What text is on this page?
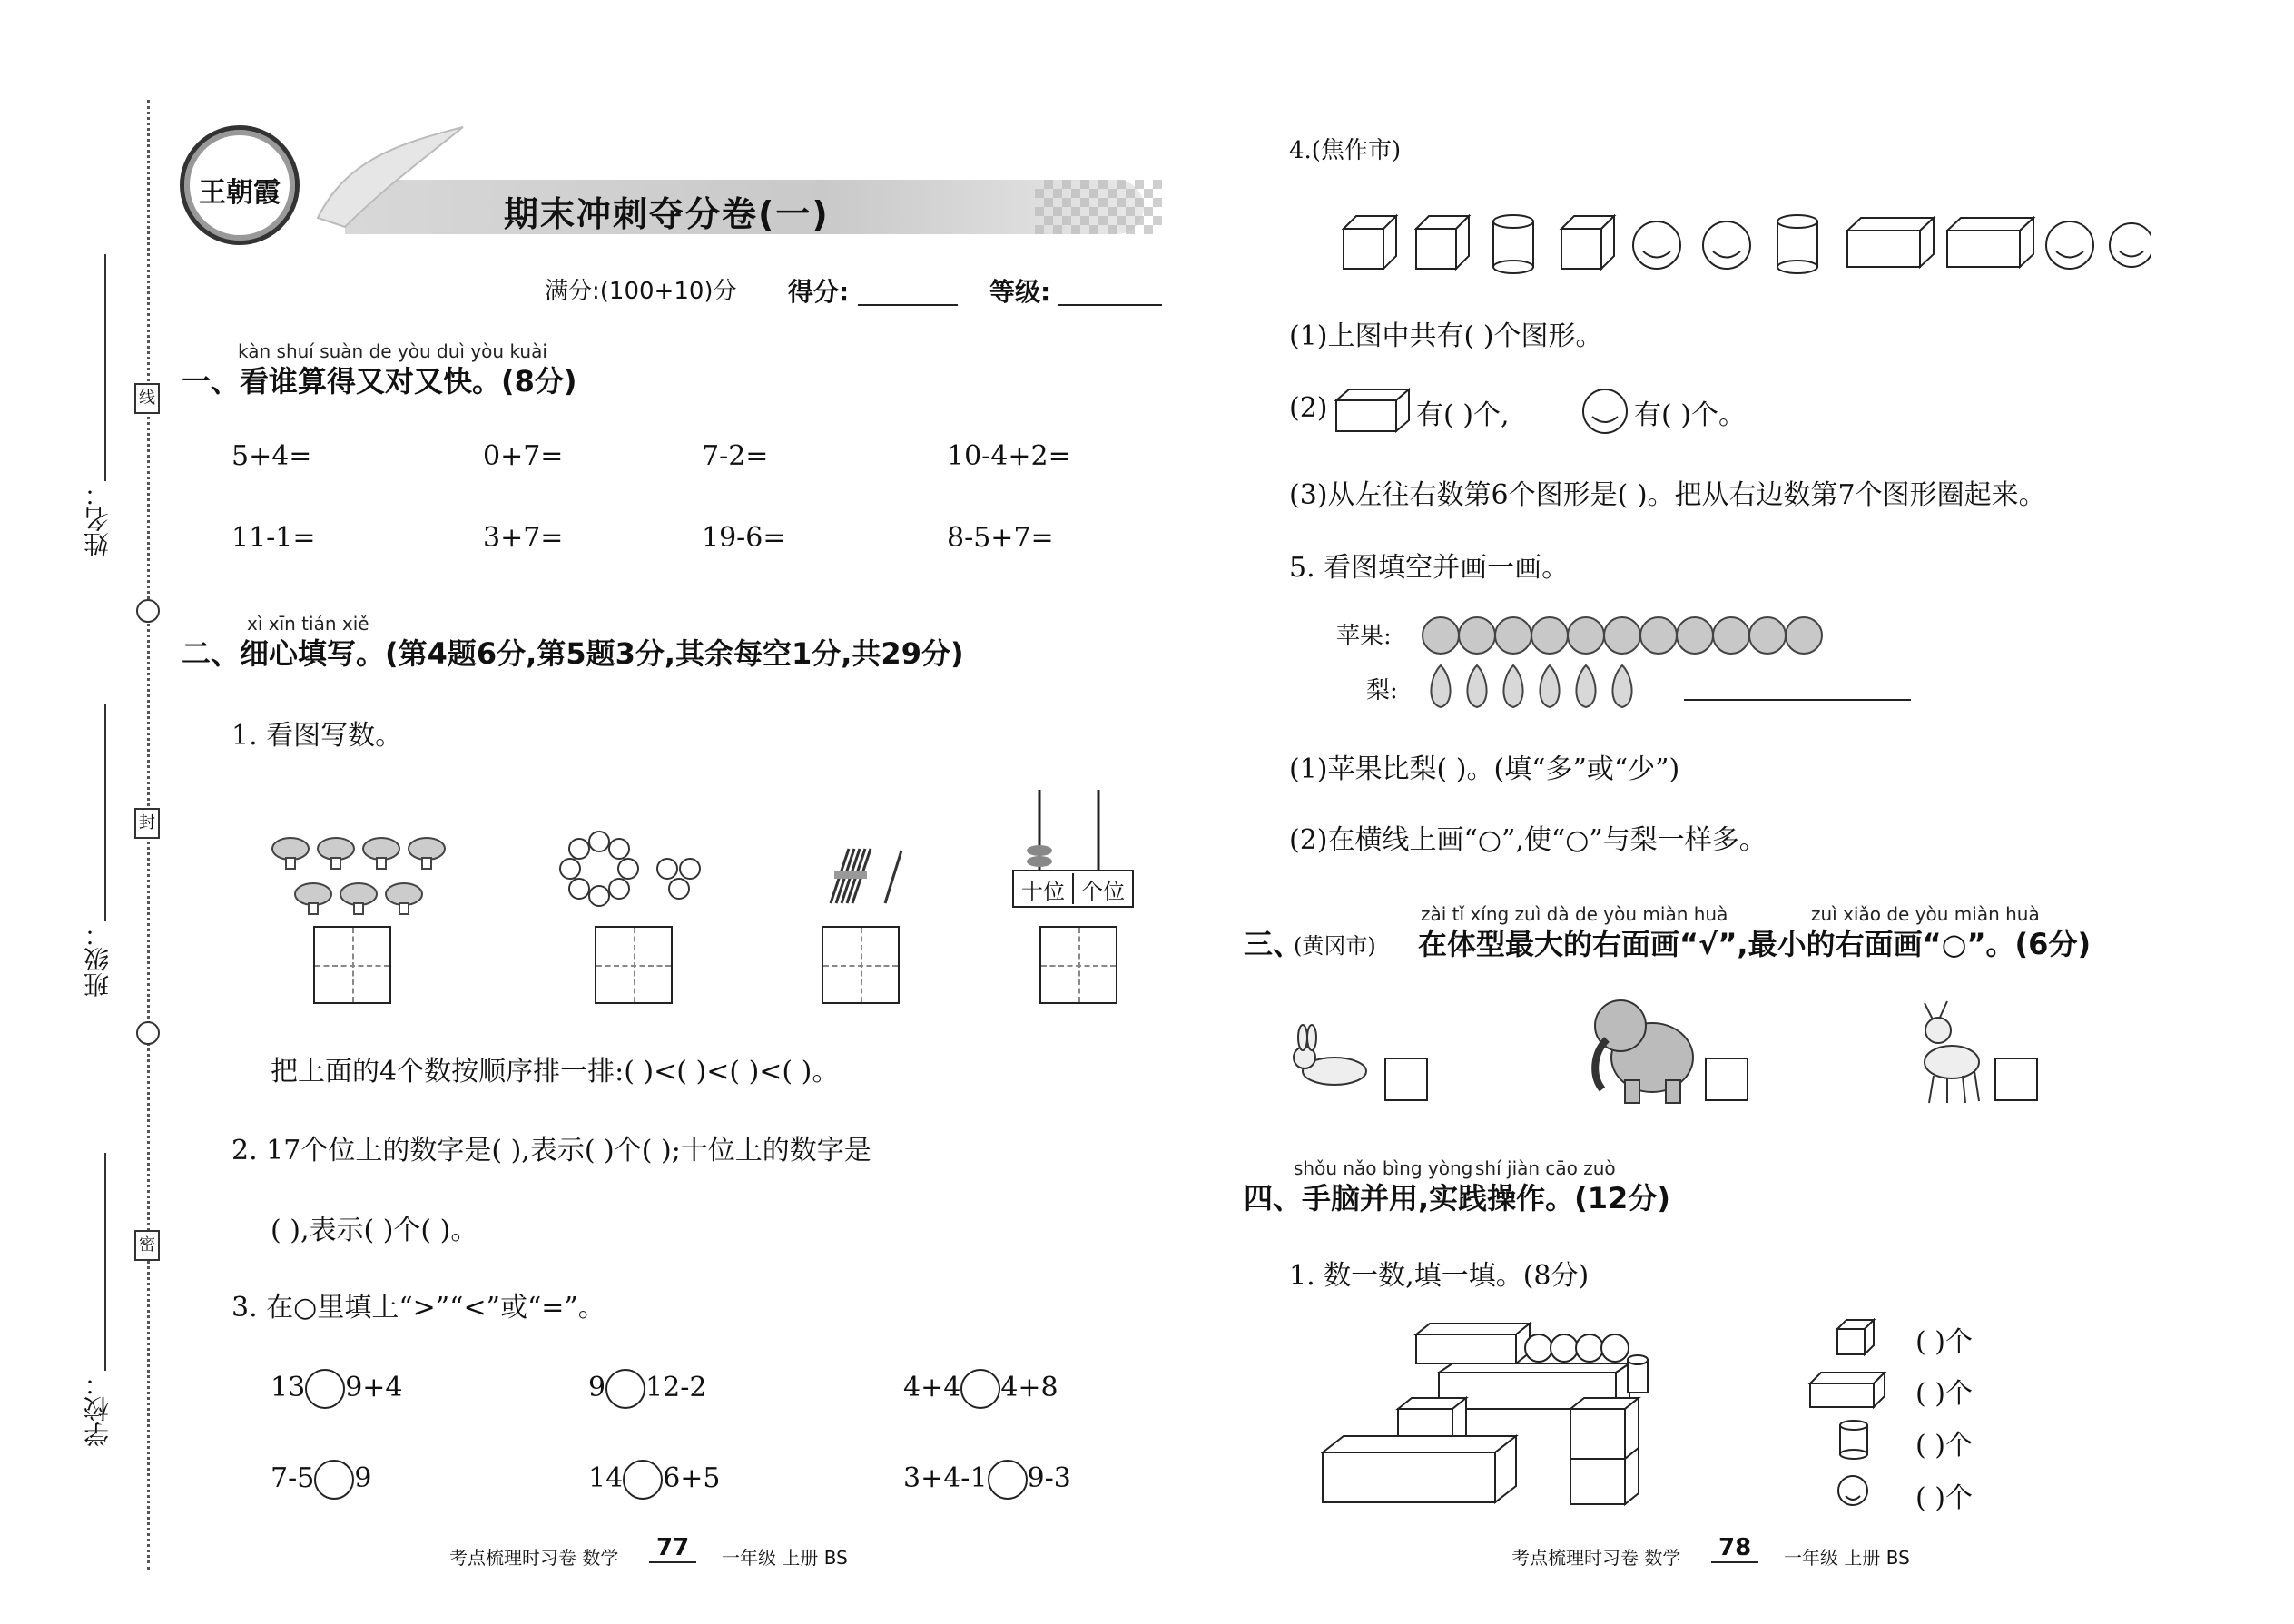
姓名：
班级：
学校：
线
封
密
王朝霞
期末冲刺夺分卷(一)
满分:(100+10)分 得分:	等级:
kàn shuí suàn de yòu duì yòu kuài
一、看谁算得又对又快。(8分)
5+4=	0+7=	7-2=	10-4+2=
11-1=	3+7=	19-6=	8-5+7=
xì xīn tián xiě
二、细心填写。(第4题6分,第5题3分,其余每空1分,共29分)
1. 看图写数。
十位 个位
把上面的4个数按顺序排一排:( )<( )<( )<( )。
2. 17个位上的数字是( ),表示( )个( );十位上的数字是
( ),表示( )个( )。
3. 在○里填上“>”“<”或“=”。
13 9+4	9 12-2	4+4 4+8
7-5 9	14 6+5	3+4-1 9-3
考点梳理时习卷 数学	77	一年级 上册 BS
4.(焦作市)
(1)上图中共有( )个图形。
(2)	有( )个,	有( )个。
(3)从左往右数第6个图形是( )。把从右边数第7个图形圈起来。
5. 看图填空并画一画。
苹果:
梨:
(1)苹果比梨( )。(填“多”或“少”)
(2)在横线上画“○”,使“○”与梨一样多。
zài tǐ xíng zuì dà de yòu miàn huà	zuì xiǎo de yòu miàn huà
三、
(黄冈市) 在体型最大的右面画“√”,最小的右面画“○”。(6分)
shǒu nǎo bìng yòng shí jiàn cāo zuò
四、手脑并用,实践操作。(12分)
1. 数一数,填一填。(8分)
( )个
( )个
( )个
( )个
考点梳理时习卷 数学	78	一年级 上册 BS
